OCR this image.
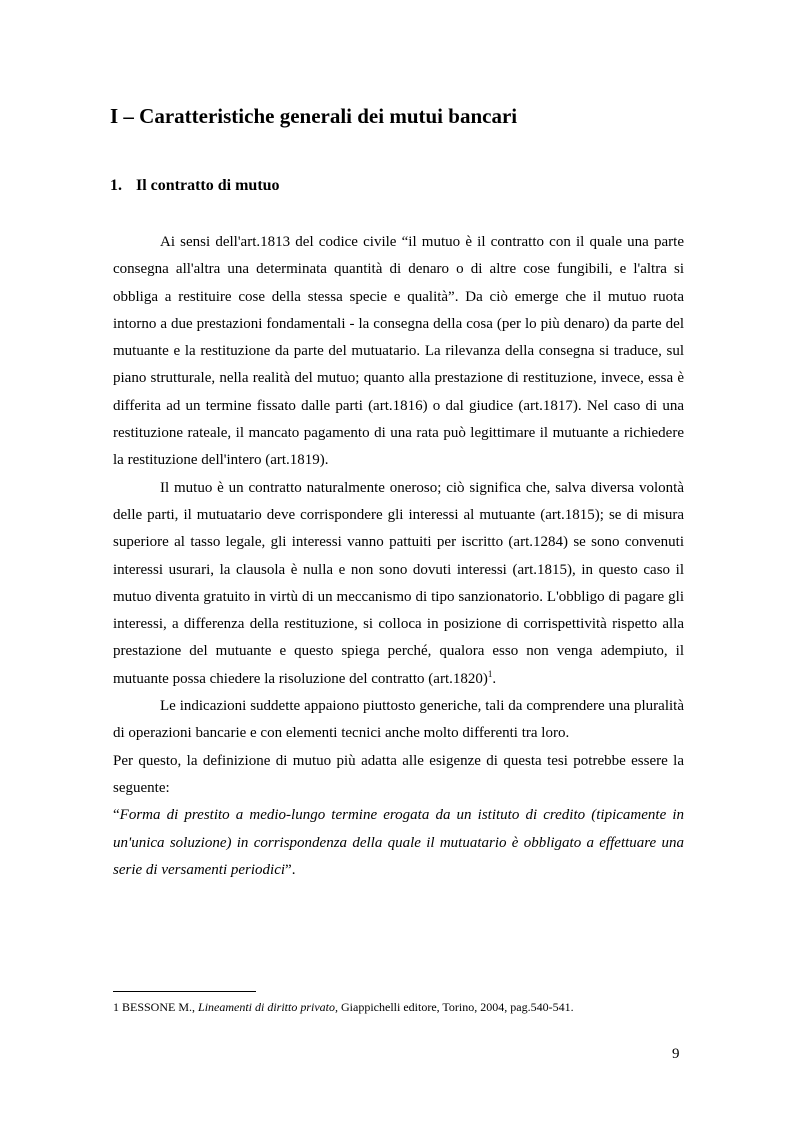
I – Caratteristiche generali dei mutui bancari
1. Il contratto di mutuo

Ai sensi dell'art.1813 del codice civile “il mutuo è il contratto con il quale una parte consegna all'altra una determinata quantità di denaro o di altre cose fungibili, e l'altra si obbliga a restituire cose della stessa specie e qualità”. Da ciò emerge che il mutuo ruota intorno a due prestazioni fondamentali - la consegna della cosa (per lo più denaro) da parte del mutuante e la restituzione da parte del mutuatario. La rilevanza della consegna si traduce, sul piano strutturale, nella realità del mutuo; quanto alla prestazione di restituzione, invece, essa è differita ad un termine fissato dalle parti (art.1816) o dal giudice (art.1817). Nel caso di una restituzione rateale, il mancato pagamento di una rata può legittimare il mutuante a richiedere la restituzione dell'intero (art.1819).

Il mutuo è un contratto naturalmente oneroso; ciò significa che, salva diversa volontà delle parti, il mutuatario deve corrispondere gli interessi al mutuante (art.1815); se di misura superiore al tasso legale, gli interessi vanno pattuiti per iscritto (art.1284) se sono convenuti interessi usurari, la clausola è nulla e non sono dovuti interessi (art.1815), in questo caso il mutuo diventa gratuito in virtù di un meccanismo di tipo sanzionatorio. L'obbligo di pagare gli interessi, a differenza della restituzione, si colloca in posizione di corrispettività rispetto alla prestazione del mutuante e questo spiega perché, qualora esso non venga adempiuto, il mutuante possa chiedere la risoluzione del contratto (art.1820)$^1$.

Le indicazioni suddette appaiono piuttosto generiche, tali da comprendere una pluralità di operazioni bancarie e con elementi tecnici anche molto differenti tra loro.

Per questo, la definizione di mutuo più adatta alle esigenze di questa tesi potrebbe essere la seguente:

“Forma di prestito a medio-lungo termine erogata da un istituto di credito (tipicamente in un'unica soluzione) in corrispondenza della quale il mutuatario è obbligato a effettuare una serie di versamenti periodici”.

1 BESSONE M., Lineamenti di diritto privato, Giappichelli editore, Torino, 2004, pag.540-541.

9
